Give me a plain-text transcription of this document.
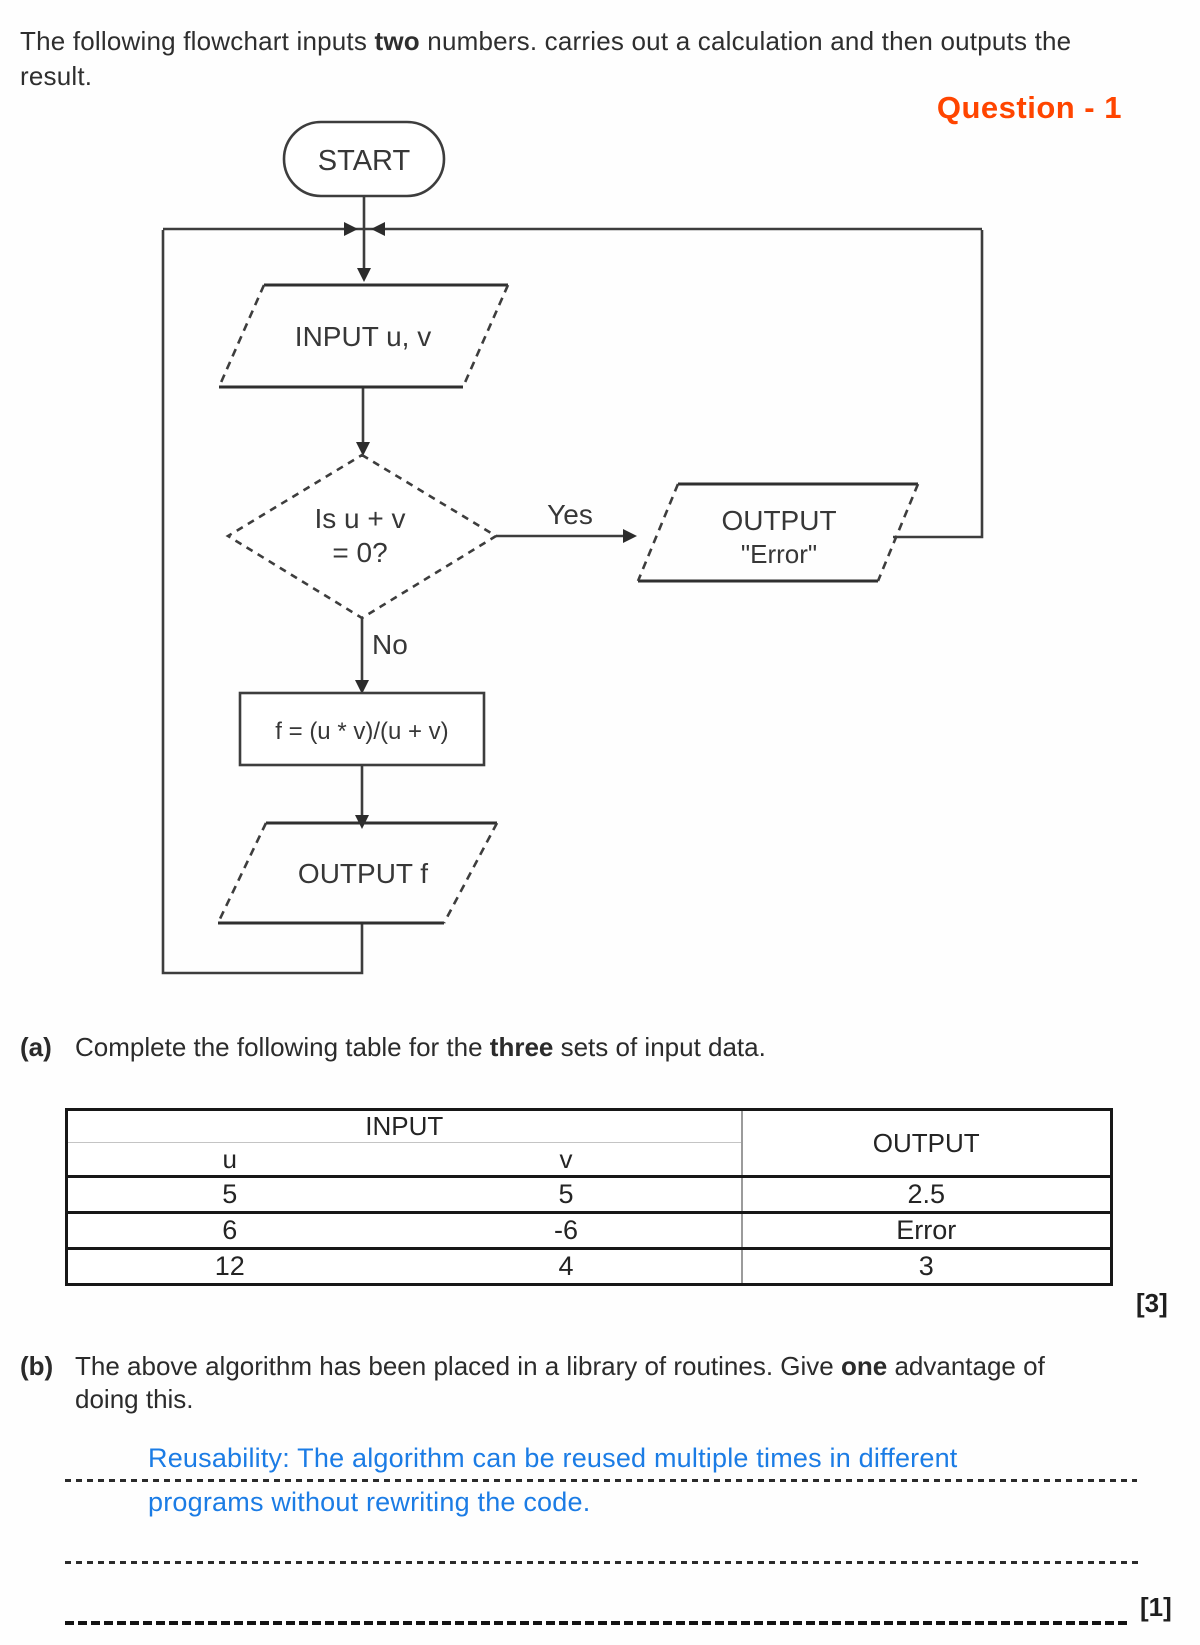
The following flowchart inputs two numbers. carries out a calculation and then outputs the
result.
Question - 1
START
INPUT u, v
Is u + v
= 0?
Yes
No
OUTPUT
"Error"
f = (u * v)/(u + v)
OUTPUT f
(a) Complete the following table for the three sets of input data.
INPUT		OUTPUT
u	v	
5	5	2.5
6	-6	Error
12	4	3
[3]
(b) The above algorithm has been placed in a library of routines. Give one advantage of
doing this.
Reusability: The algorithm can be reused multiple times in different
programs without rewriting the code.
[1]
